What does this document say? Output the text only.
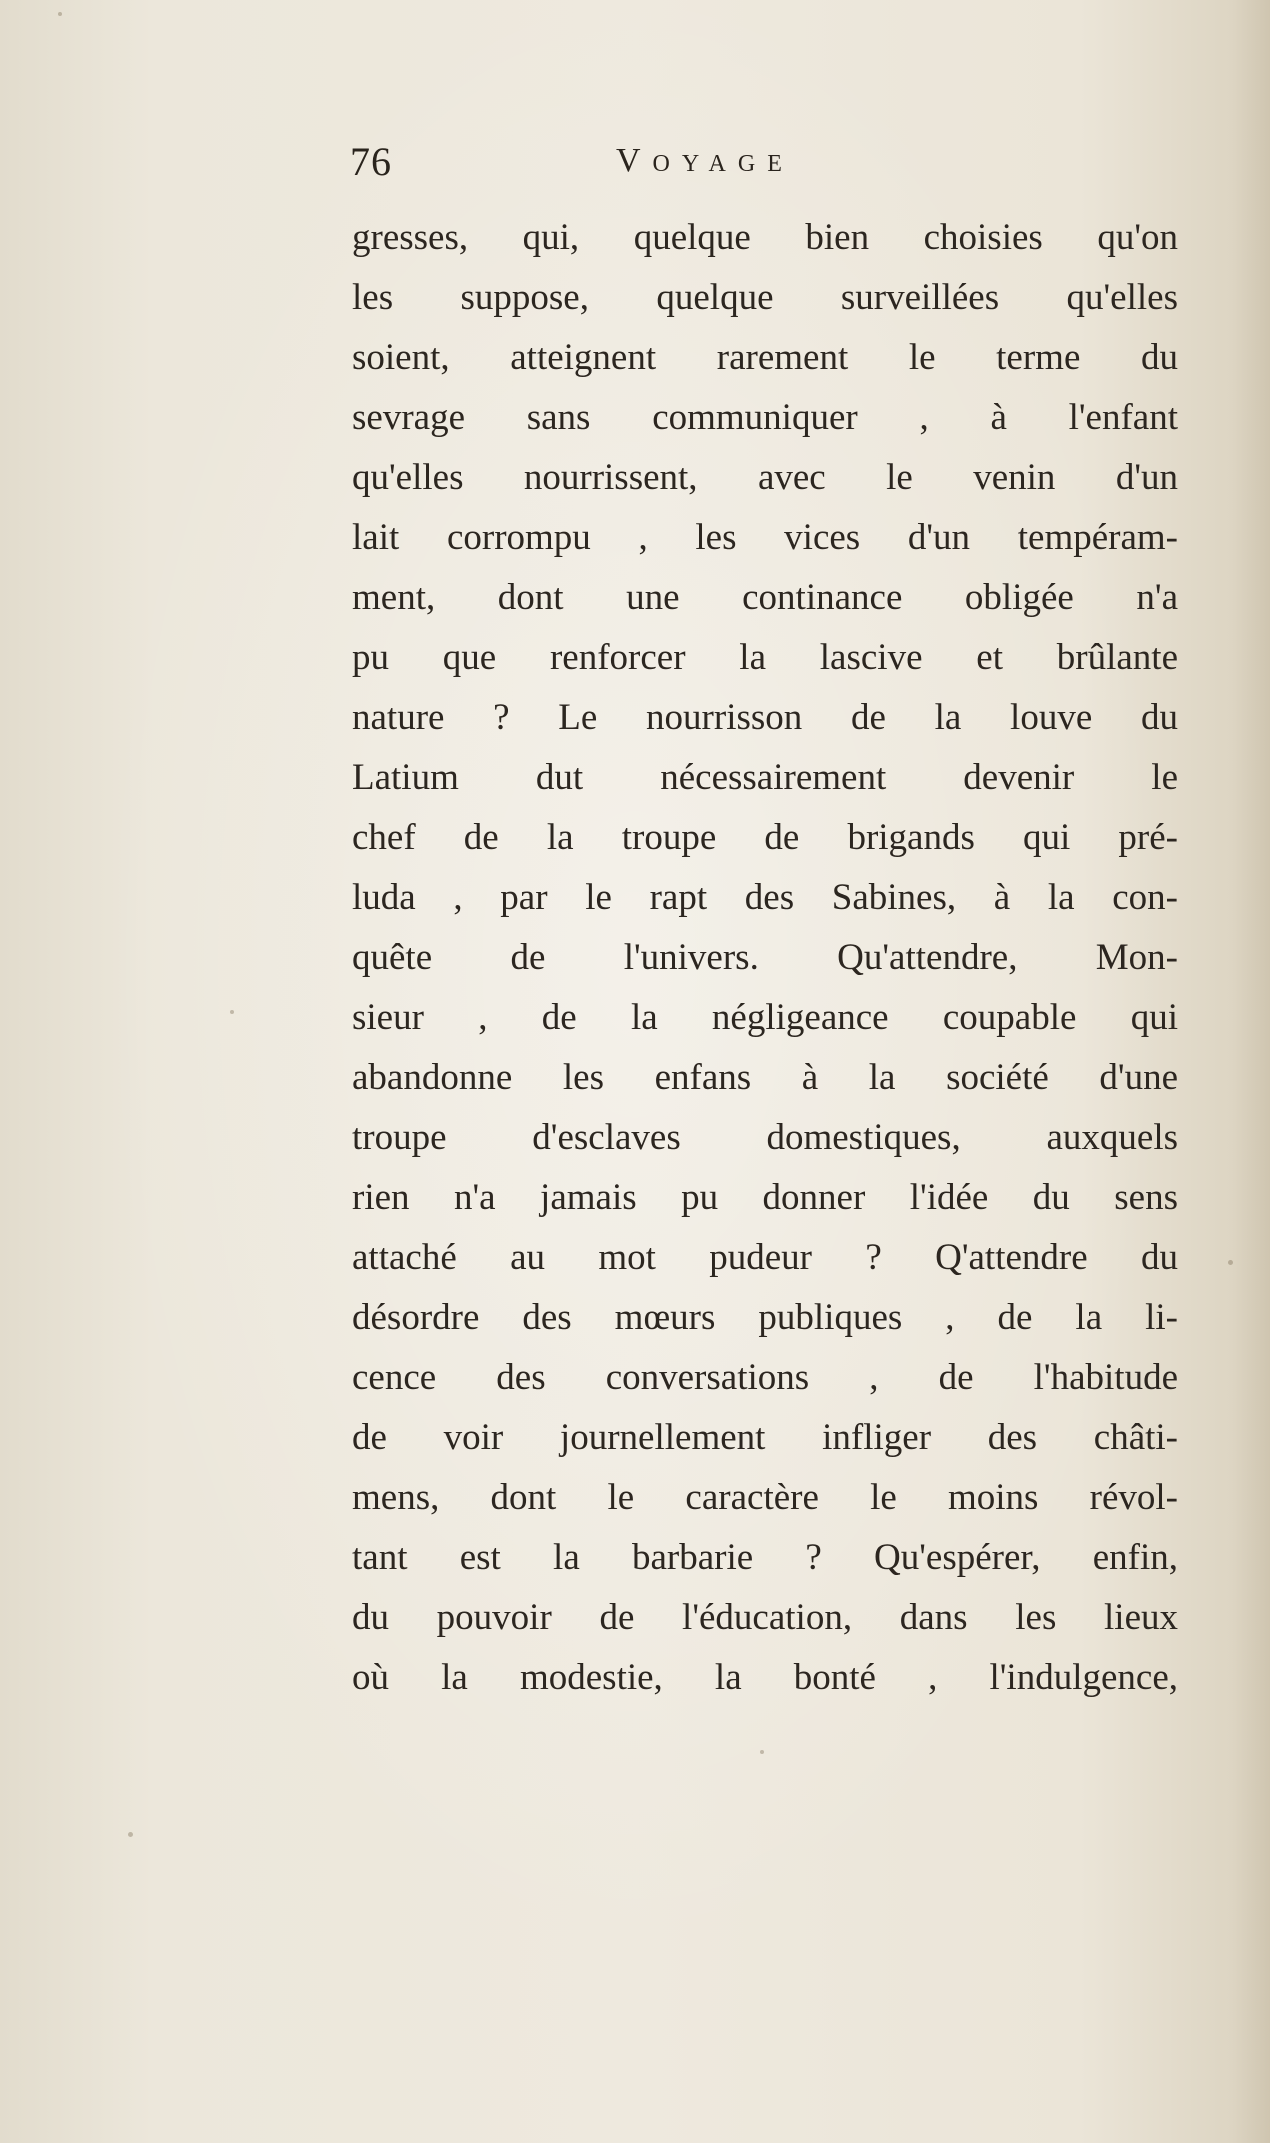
76	Voyage
gresses, qui, quelque bien choisies qu'on
les suppose, quelque surveillées qu'elles
soient, atteignent rarement le terme du
sevrage sans communiquer , à l'enfant
qu'elles nourrissent, avec le venin d'un
lait corrompu , les vices d'un tempéram-
ment, dont une continance obligée n'a
pu que renforcer la lascive et brûlante
nature ? Le nourrisson de la louve du
Latium dut nécessairement devenir le
chef de la troupe de brigands qui pré-
luda , par le rapt des Sabines, à la con-
quête de l'univers. Qu'attendre, Mon-
sieur , de la négligeance coupable qui
abandonne les enfans à la société d'une
troupe d'esclaves domestiques, auxquels
rien n'a jamais pu donner l'idée du sens
attaché au mot pudeur ? Q'attendre du
désordre des mœurs publiques , de la li-
cence des conversations , de l'habitude
de voir journellement infliger des châti-
mens, dont le caractère le moins révol-
tant est la barbarie ? Qu'espérer, enfin,
du pouvoir de l'éducation, dans les lieux
où la modestie, la bonté , l'indulgence,
